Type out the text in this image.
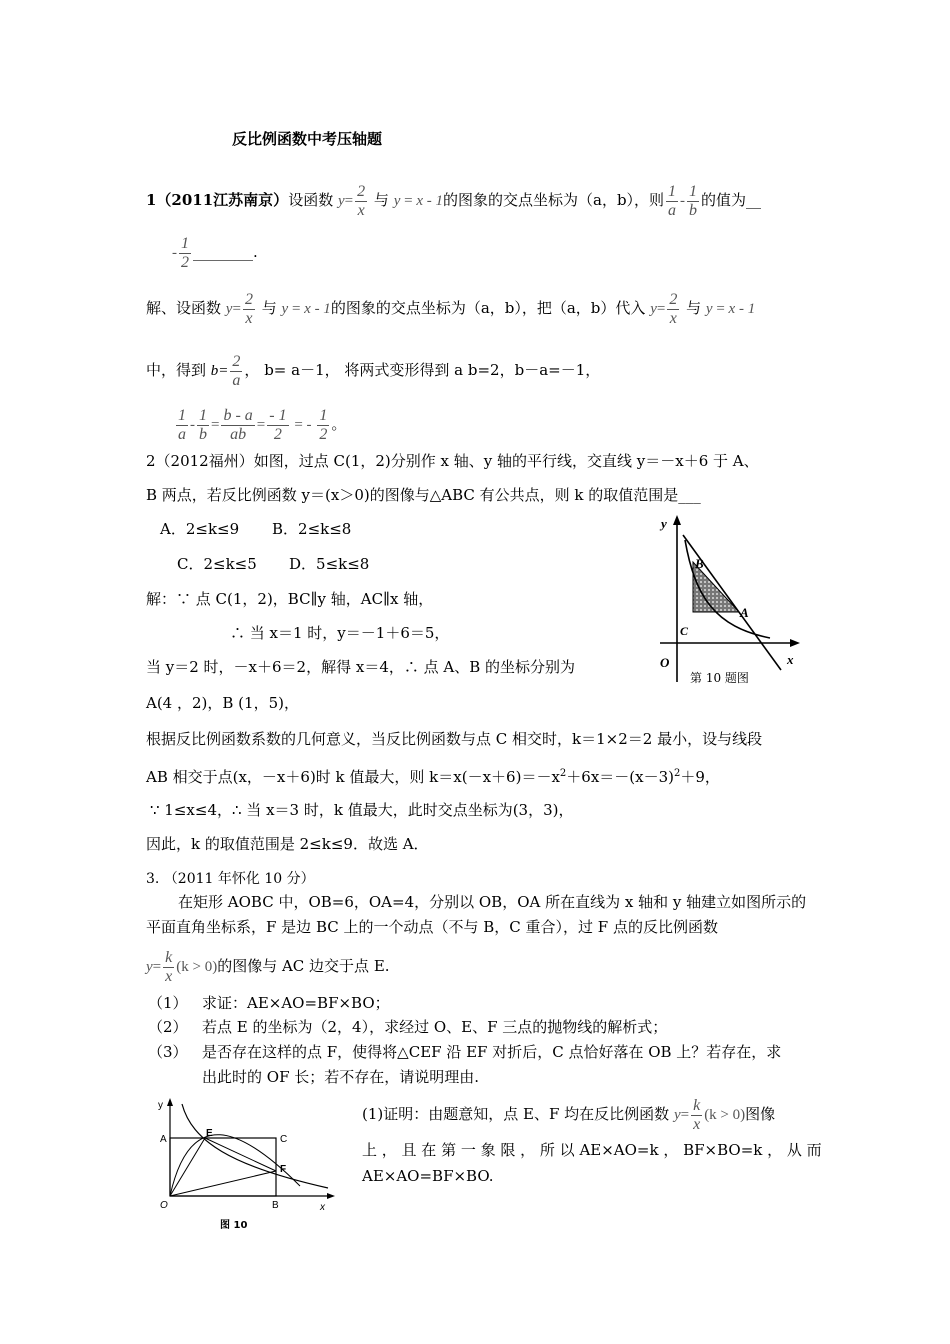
反比例函数中考压轴题
1（2011江苏南京）设函数 $y= \frac{2}{x}$ 与 y = x - 1的图象的交点坐标为（a，b），则 $\frac{1}{a} - \frac{1}{b}$ 的值为__
- $\frac{1}{2}$ ________.
解、设函数 $y= \frac{2}{x}$ 与 y = x - 1的图象的交点坐标为（a，b），把（a，b）代入 $y= \frac{2}{x}$ 与 y = x - 1
中，得到 $b= \frac{2}{a}$ ， b= a－1， 将两式变形得到 a b=2，b－a=－1，
$\frac{1}{a} - \frac{1}{b} = \frac{b - a}{ab} = \frac{- 1}{2}$ = - $\frac{1}{2}$ 。
2（2012福州）如图，过点 C(1，2)分别作 x 轴、y 轴的平行线，交直线 y＝－x＋6 于 A、
B 两点，若反比例函数 y＝(x＞0)的图像与△ABC 有公共点，则 k 的取值范围是___
A．2≤k≤9 B．2≤k≤8
C．2≤k≤5 D．5≤k≤8
解：∵ 点 C(1，2)，BC∥y 轴，AC∥x 轴，
∴ 当 x＝1 时，y＝－1＋6＝5，
当 y＝2 时，－x＋6＝2，解得 x＝4，∴ 点 A、B 的坐标分别为
A(4 ，2)，B (1，5)，
根据反比例函数系数的几何意义，当反比例函数与点 C 相交时，k＝1×2＝2 最小，设与线段
AB 相交于点(x，－x＋6)时 k 值最大，则 $k=x(-x+6)=-x^2+6x=-(x-3)^2+9$，
∵ 1≤x≤4，∴ 当 x＝3 时，k 值最大，此时交点坐标为(3，3)，
因此，k 的取值范围是 2≤k≤9．故选 A．
y
B
A
C
O	x
第 10 题图
3. （2011 年怀化 10 分）
在矩形 AOBC 中，OB=6，OA=4，分别以 OB，OA 所在直线为 x 轴和 y 轴建立如图所示的
平面直角坐标系，F 是边 BC 上的一个动点（不与 B，C 重合），过 F 点的反比例函数
$y= \frac{k}{x} (k > 0)$的图像与 AC 边交于点 E.
（1） 求证：AE×AO=BF×BO；
（2） 若点 E 的坐标为（2，4），求经过 O、E、F 三点的抛物线的解析式；
（3） 是否存在这样的点 F，使得将△CEF 沿 EF 对折后，C 点恰好落在 OB 上？若存在，求
出此时的 OF 长；若不存在，请说明理由.
y
A
E
C
F
O	B	x
图 10
(1)证明：由题意知，点 E、F 均在反比例函数 $y= \frac{k}{x} (k > 0)$图像
上 ， 且 在 第 一 象 限 ， 所 以 AE×AO=k ， BF×BO=k ， 从 而
AE×AO=BF×BO.
